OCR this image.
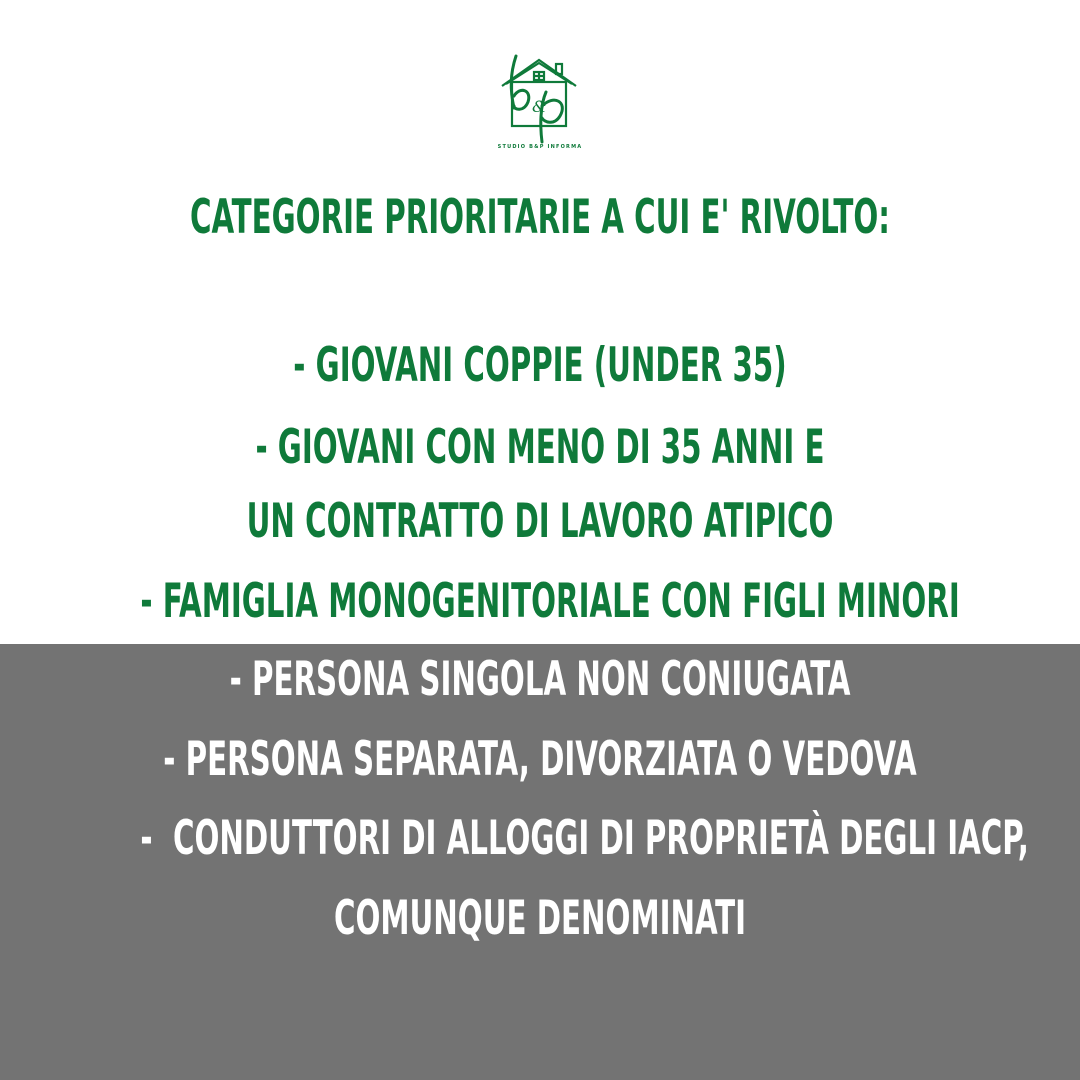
&
STUDIO B&P INFORMA
CATEGORIE PRIORITARIE A CUI E' RIVOLTO:
- GIOVANI COPPIE (UNDER 35)
- GIOVANI CON MENO DI 35 ANNI E
UN CONTRATTO DI LAVORO ATIPICO
- FAMIGLIA MONOGENITORIALE CON FIGLI MINORI
- PERSONA SINGOLA NON CONIUGATA
- PERSONA SEPARATA, DIVORZIATA O VEDOVA
-  CONDUTTORI DI ALLOGGI DI PROPRIETÀ DEGLI IACP,
COMUNQUE DENOMINATI
